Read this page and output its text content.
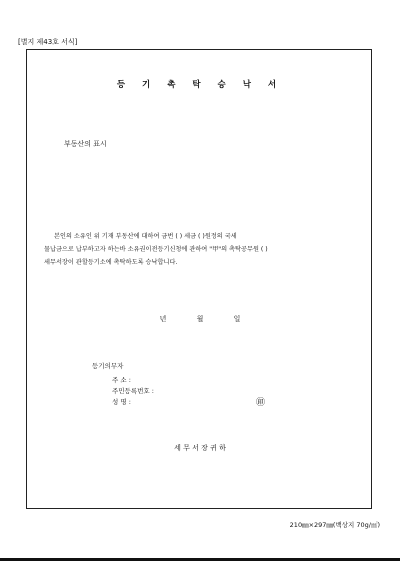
[별지 제43호 서식]
등 기 촉 탁 승 낙 서
부동산의 표시
본인의 소유인 위 기재 부동산에 대하여 금번 ( ) 세금 ( )원정의 국세
물납금으로 납부하고자 하는바 소유권이전등기신청에 관하여 "甲"의 촉탁공무원 ( )
세무서장이 관할등기소에 촉탁하도록 승낙합니다.
년	월	일
등기의무자
주 소 :
주민등록번호 :
성 명 :	㊞
세 무 서 장 귀 하
210㎜×297㎜(백상지 70g/㎡)
